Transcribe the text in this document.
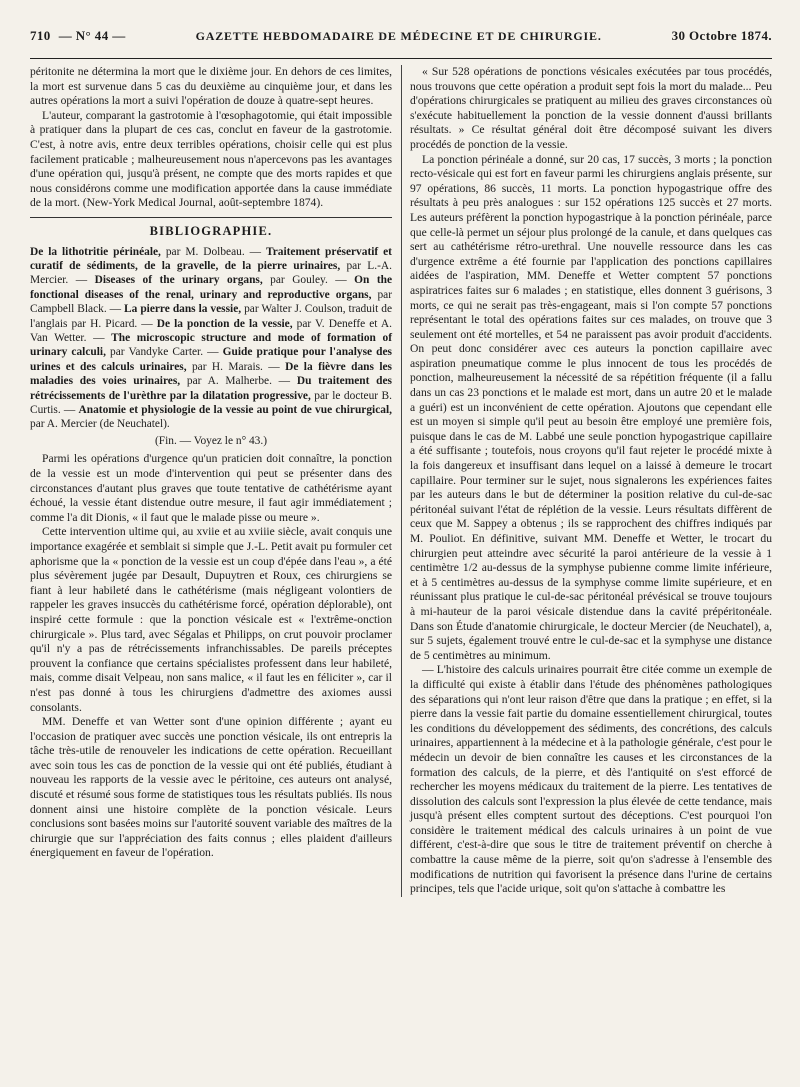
710 — N° 44 —	GAZETTE HEBDOMADAIRE DE MÉDECINE ET DE CHIRURGIE.	30 Octobre 1874.

péritonite ne détermina la mort que le dixième jour. En dehors de ces limites, la mort est survenue dans 5 cas du deuxième au cinquième jour, et dans les autres opérations la mort a suivi l'opération de douze à quatre-sept heures.

L'auteur, comparant la gastrotomie à l'œsophagotomie, qui était impossible à pratiquer dans la plupart de ces cas, conclut en faveur de la gastrotomie. C'est, à notre avis, entre deux terribles opérations, choisir celle qui est plus facilement praticable ; malheureusement nous n'apercevons pas les avantages d'une opération qui, jusqu'à présent, ne compte que des morts rapides et que nous considérons comme une modification apportée dans la cause immédiate de la mort. (New-York Medical Journal, août-septembre 1874).

BIBLIOGRAPHIE.

De la lithotritie périnéale, par M. Dolbeau. — Traitement préservatif et curatif de sédiments, de la gravelle, de la pierre urinaires, par L.-A. Mercier. — Diseases of the urinary organs, par Gouley. — On the fonctional diseases of the renal, urinary and reproductive organs, par Campbell Black. — La pierre dans la vessie, par Walter J. Coulson, traduit de l'anglais par H. Picard. — De la ponction de la vessie, par V. Deneffe et A. Van Wetter. — The microscopic structure and mode of formation of urinary calculi, par Vandyke Carter. — Guide pratique pour l'analyse des urines et des calculs urinaires, par H. Marais. — De la fièvre dans les maladies des voies urinaires, par A. Malherbe. — Du traitement des rétrécissements de l'urèthre par la dilatation progressive, par le docteur B. Curtis. — Anatomie et physiologie de la vessie au point de vue chirurgical, par A. Mercier (de Neuchatel).

(Fin. — Voyez le n° 43.)

Parmi les opérations d'urgence qu'un praticien doit connaître, la ponction de la vessie est un mode d'intervention qui peut se présenter dans des circonstances d'autant plus graves que toute tentative de cathétérisme ayant échoué, la vessie étant distendue outre mesure, il faut agir immédiatement ; comme l'a dit Dionis, « il faut que le malade pisse ou meure ».

Cette intervention ultime qui, au xviie et au xviiie siècle, avait conquis une importance exagérée et semblait si simple que J.-L. Petit avait pu formuler cet aphorisme que la « ponction de la vessie est un coup d'épée dans l'eau », a été plus sévèrement jugée par Desault, Dupuytren et Roux, ces chirurgiens se fiant à leur habileté dans le cathétérisme (mais négligeant volontiers de rappeler les graves insuccès du cathétérisme forcé, opération déplorable), ont inspiré cette formule : que la ponction vésicale est « l'extrême-onction chirurgicale ». Plus tard, avec Ségalas et Philipps, on crut pouvoir proclamer qu'il n'y a pas de rétrécissements infranchissables. De pareils préceptes prouvent la confiance que certains spécialistes professent dans leur habileté, mais, comme disait Velpeau, non sans malice, « il faut les en féliciter », car il n'est pas donné à tous les chirurgiens d'admettre des axiomes aussi consolants.

MM. Deneffe et van Wetter sont d'une opinion différente ; ayant eu l'occasion de pratiquer avec succès une ponction vésicale, ils ont entrepris la tâche très-utile de renouveler les indications de cette opération. Recueillant avec soin tous les cas de ponction de la vessie qui ont été publiés, étudiant à nouveau les rapports de la vessie avec le péritoine, ces auteurs ont analysé, discuté et résumé sous forme de statistiques tous les résultats publiés. Ils nous donnent ainsi une histoire complète de la ponction vésicale. Leurs conclusions sont basées moins sur l'autorité souvent variable des maîtres de la chirurgie que sur l'appréciation des faits connus ; elles plaident d'ailleurs énergiquement en faveur de l'opération.

« Sur 528 opérations de ponctions vésicales exécutées par tous procédés, nous trouvons que cette opération a produit sept fois la mort du malade... Peu d'opérations chirurgicales se pratiquent au milieu des graves circonstances où s'exécute habituellement la ponction de la vessie donnent d'aussi brillants résultats. » Ce résultat général doit être décomposé suivant les divers procédés de ponction de la vessie.

La ponction périnéale a donné, sur 20 cas, 17 succès, 3 morts ; la ponction recto-vésicale qui est fort en faveur parmi les chirurgiens anglais présente, sur 97 opérations, 86 succès, 11 morts. La ponction hypogastrique offre des résultats à peu près analogues : sur 152 opérations 125 succès et 27 morts. Les auteurs préfèrent la ponction hypogastrique à la ponction périnéale, parce que celle-là permet un séjour plus prolongé de la canule, et dans quelques cas sert au cathétérisme rétro-urethral. Une nouvelle ressource dans les cas d'urgence extrême a été fournie par l'application des ponctions capillaires aidées de l'aspiration, MM. Deneffe et Wetter comptent 57 ponctions aspiratrices faites sur 6 malades ; en statistique, elles donnent 3 guérisons, 3 morts, ce qui ne serait pas très-engageant, mais si l'on compte 57 ponctions représentant le total des opérations faites sur ces malades, on trouve que 3 seulement ont été mortelles, et 54 ne paraissent pas avoir produit d'accidents. On peut donc considérer avec ces auteurs la ponction capillaire avec aspiration pneumatique comme le plus innocent de tous les procédés de ponction, malheureusement la nécessité de sa répétition fréquente (il a fallu dans un cas 23 ponctions et le malade est mort, dans un autre 20 et le malade a guéri) est un inconvénient de cette opération. Ajoutons que cependant elle est un moyen si simple qu'il peut au besoin être employé une première fois, puisque dans le cas de M. Labbé une seule ponction hypogastrique capillaire a été suffisante ; toutefois, nous croyons qu'il faut rejeter le procédé mixte à la fois dangereux et insuffisant dans lequel on a laissé à demeure le trocart capillaire. Pour terminer sur le sujet, nous signalerons les expériences faites par les auteurs dans le but de déterminer la position relative du cul-de-sac péritonéal suivant l'état de réplétion de la vessie. Leurs résultats diffèrent de ceux que M. Sappey a obtenus ; ils se rapprochent des chiffres indiqués par M. Pouliot. En définitive, suivant MM. Deneffe et Wetter, le trocart du chirurgien peut atteindre avec sécurité la paroi antérieure de la vessie à 1 centimètre 1/2 au-dessus de la symphyse pubienne comme limite inférieure, et à 5 centimètres au-dessus de la symphyse comme limite supérieure, et en réunissant plus pratique le cul-de-sac péritonéal prévésical se trouve toujours à mi-hauteur de la paroi vésicale distendue dans la cavité prépéritonéale. Dans son Étude d'anatomie chirurgicale, le docteur Mercier (de Neuchatel), a, sur 5 sujets, également trouvé entre le cul-de-sac et la symphyse une distance de 5 centimètres au minimum.

— L'histoire des calculs urinaires pourrait être citée comme un exemple de la difficulté qui existe à établir dans l'étude des phénomènes pathologiques des séparations qui n'ont leur raison d'être que dans la pratique ; en effet, si la pierre dans la vessie fait partie du domaine essentiellement chirurgical, toutes les conditions du développement des sédiments, des concrétions, des calculs urinaires, appartiennent à la médecine et à la pathologie générale, c'est pour le médecin un devoir de bien connaître les causes et les circonstances de la formation des calculs, de la pierre, et dès l'antiquité on s'est efforcé de rechercher les moyens médicaux du traitement de la pierre. Les tentatives de dissolution des calculs sont l'expression la plus élevée de cette tendance, mais jusqu'à présent elles comptent surtout des déceptions. C'est pourquoi l'on considère le traitement médical des calculs urinaires à un point de vue différent, c'est-à-dire que sous le titre de traitement préventif on cherche à combattre la cause même de la pierre, soit qu'on s'adresse à l'ensemble des modifications de nutrition qui favorisent la présence dans l'urine de certains principes, tels que l'acide urique, soit qu'on s'attache à combattre les
